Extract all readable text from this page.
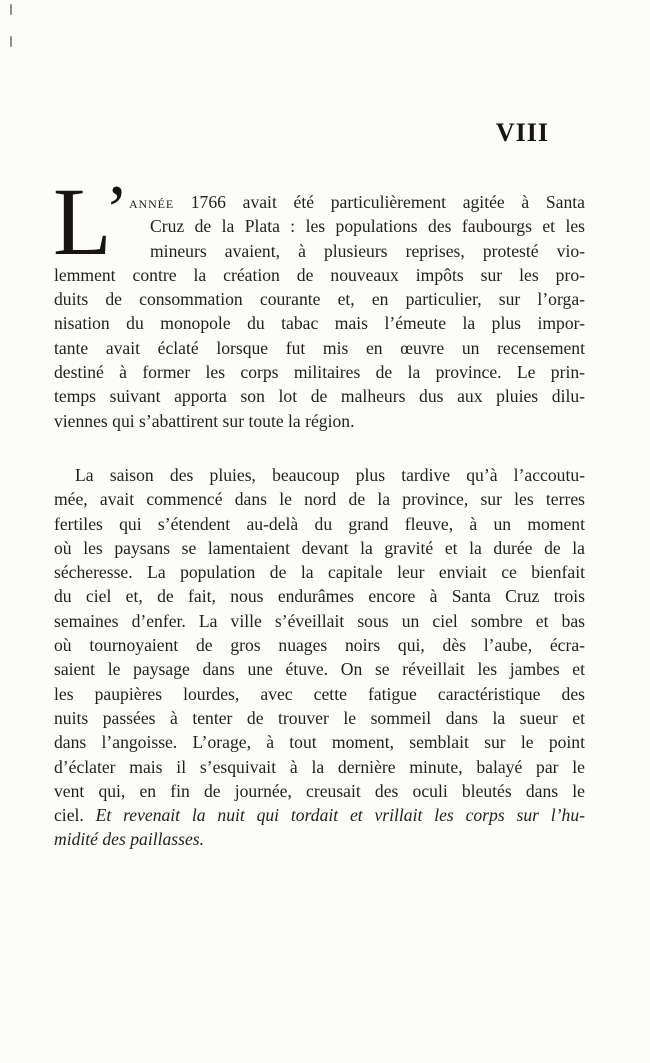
VIII
L
’ année 1766 avait été particulièrement agitée à Santa
Cruz de la Plata : les populations des faubourgs et les
mineurs avaient, à plusieurs reprises, protesté vio-
lemment contre la création de nouveaux impôts sur les pro-
duits de consommation courante et, en particulier, sur l’orga-
nisation du monopole du tabac mais l’émeute la plus impor-
tante avait éclaté lorsque fut mis en œuvre un recensement
destiné à former les corps militaires de la province. Le prin-
temps suivant apporta son lot de malheurs dus aux pluies dilu-
viennes qui s’abattirent sur toute la région.
La saison des pluies, beaucoup plus tardive qu’à l’accoutu-
mée, avait commencé dans le nord de la province, sur les terres
fertiles qui s’étendent au-delà du grand fleuve, à un moment
où les paysans se lamentaient devant la gravité et la durée de la
sécheresse. La population de la capitale leur enviait ce bienfait
du ciel et, de fait, nous endurâmes encore à Santa Cruz trois
semaines d’enfer. La ville s’éveillait sous un ciel sombre et bas
où tournoyaient de gros nuages noirs qui, dès l’aube, écra-
saient le paysage dans une étuve. On se réveillait les jambes et
les paupières lourdes, avec cette fatigue caractéristique des
nuits passées à tenter de trouver le sommeil dans la sueur et
dans l’angoisse. L’orage, à tout moment, semblait sur le point
d’éclater mais il s’esquivait à la dernière minute, balayé par le
vent qui, en fin de journée, creusait des oculi bleutés dans le
ciel. Et revenait la nuit qui tordait et vrillait les corps sur l’hu-
midité des paillasses.
